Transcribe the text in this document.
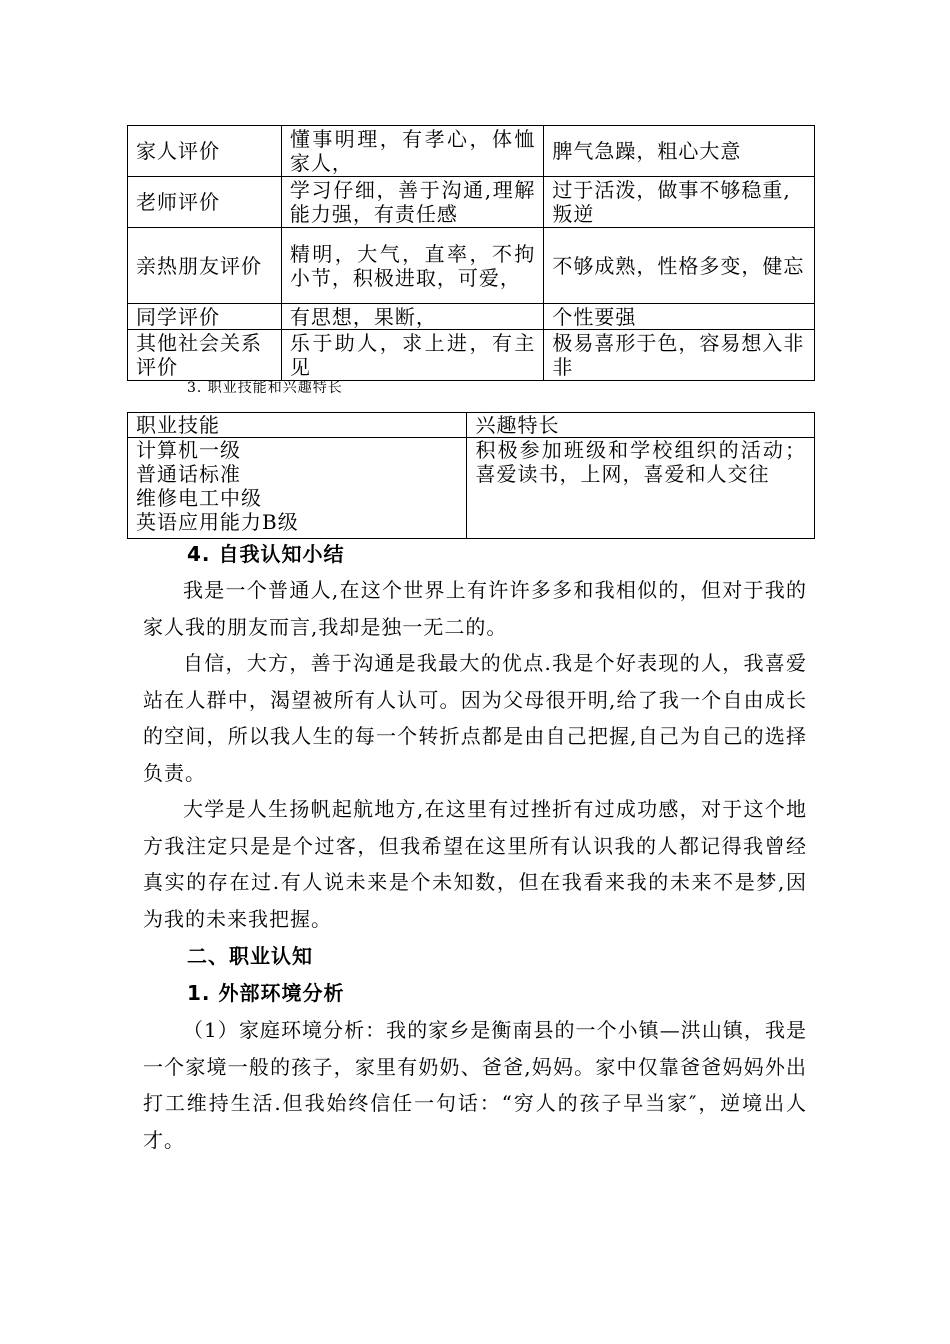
家人评价	懂事明理，有孝心，体恤家人，	脾气急躁，粗心大意
老师评价	学习仔细，善于沟通,理解能力强，有责任感	过于活泼，做事不够稳重,叛逆
亲热朋友评价	精明，大气，直率，不拘小节，积极进取，可爱，	不够成熟，性格多变，健忘
同学评价	有思想，果断，	个性要强
其他社会关系评价	乐于助人，求上进，有主见	极易喜形于色，容易想入非非
3. 职业技能和兴趣特长
职业技能	兴趣特长

计算机一级
普通话标准
维修电工中级
英语应用能力B级	积极参加班级和学校组织的活动；喜爱读书，上网，喜爱和人交往
4. 自我认知小结

我是一个普通人,在这个世界上有许许多多和我相似的，但对于我的家人我的朋友而言,我却是独一无二的。

自信，大方，善于沟通是我最大的优点.我是个好表现的人，我喜爱站在人群中，渴望被所有人认可。因为父母很开明,给了我一个自由成长的空间，所以我人生的每一个转折点都是由自己把握,自己为自己的选择负责。

大学是人生扬帆起航地方,在这里有过挫折有过成功感，对于这个地方我注定只是是个过客，但我希望在这里所有认识我的人都记得我曾经真实的存在过.有人说未来是个未知数，但在我看来我的未来不是梦,因为我的未来我把握。

二、职业认知
1. 外部环境分析

（1）家庭环境分析：我的家乡是衡南县的一个小镇—洪山镇，我是一个家境一般的孩子，家里有奶奶、爸爸,妈妈。家中仅靠爸爸妈妈外出打工维持生活.但我始终信任一句话：“穷人的孩子早当家″，逆境出人才。
